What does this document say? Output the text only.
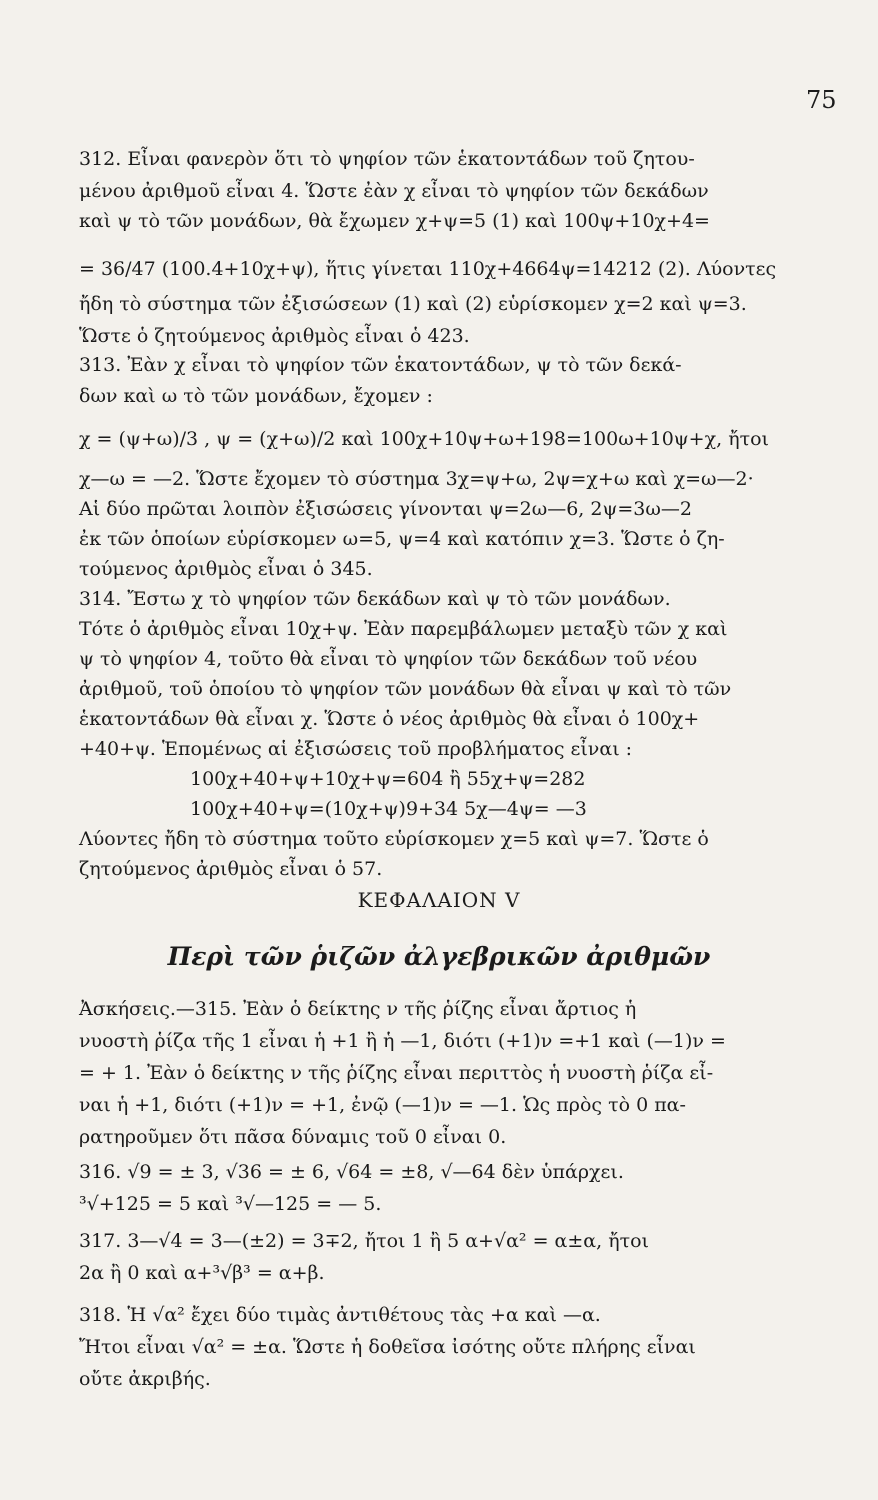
75
312. Εἶναι φανερὸν ὅτι τὸ ψηφίον τῶν ἑκατοντάδων τοῦ ζητου-
μένου ἀριθμοῦ εἶναι 4. Ὥστε ἐὰν χ εἶναι τὸ ψηφίον τῶν δεκάδων
καὶ ψ τὸ τῶν μονάδων, θὰ ἔχωμεν χ+ψ=5 (1) καὶ 100ψ+10χ+4=
= 36/47 (100.4+10χ+ψ), ἥτις γίνεται 110χ+4664ψ=14212 (2). Λύοντες
ἤδη τὸ σύστημα τῶν ἐξισώσεων (1) καὶ (2) εὑρίσκομεν χ=2 καὶ ψ=3.
Ὥστε ὁ ζητούμενος ἀριθμὸς εἶναι ὁ 423.
313. Ἐὰν χ εἶναι τὸ ψηφίον τῶν ἑκατοντάδων, ψ τὸ τῶν δεκά-
δων καὶ ω τὸ τῶν μονάδων, ἔχομεν :
χ = (ψ+ω)/3 , ψ = (χ+ω)/2 καὶ 100χ+10ψ+ω+198=100ω+10ψ+χ, ἤτοι
χ—ω = —2. Ὥστε ἔχομεν τὸ σύστημα 3χ=ψ+ω, 2ψ=χ+ω καὶ χ=ω—2·
Αἱ δύο πρῶται λοιπὸν ἐξισώσεις γίνονται ψ=2ω—6, 2ψ=3ω—2
ἐκ τῶν ὁποίων εὑρίσκομεν ω=5, ψ=4 καὶ κατόπιν χ=3. Ὥστε ὁ ζη-
τούμενος ἀριθμὸς εἶναι ὁ 345.
314. Ἔστω χ τὸ ψηφίον τῶν δεκάδων καὶ ψ τὸ τῶν μονάδων.
Τότε ὁ ἀριθμὸς εἶναι 10χ+ψ. Ἐὰν παρεμβάλωμεν μεταξὺ τῶν χ καὶ
ψ τὸ ψηφίον 4, τοῦτο θὰ εἶναι τὸ ψηφίον τῶν δεκάδων τοῦ νέου
ἀριθμοῦ, τοῦ ὁποίου τὸ ψηφίον τῶν μονάδων θὰ εἶναι ψ καὶ τὸ τῶν
ἑκατοντάδων θὰ εἶναι χ. Ὥστε ὁ νέος ἀριθμὸς θὰ εἶναι ὁ 100χ+
+40+ψ. Ἑπομένως αἱ ἐξισώσεις τοῦ προβλήματος εἶναι :
100χ+40+ψ+10χ+ψ=604 ἢ 55χ+ψ=282
100χ+40+ψ=(10χ+ψ)9+34 5χ—4ψ= —3
Λύοντες ἤδη τὸ σύστημα τοῦτο εὑρίσκομεν χ=5 καὶ ψ=7. Ὥστε ὁ
ζητούμενος ἀριθμὸς εἶναι ὁ 57.
ΚΕΦΑΛΑΙΟΝ V
Περὶ τῶν ῥιζῶν ἀλγεβρικῶν ἀριθμῶν
Ἀσκήσεις.—315. Ἐὰν ὁ δείκτης ν τῆς ῥίζης εἶναι ἄρτιος ἡ
νυοστὴ ῥίζα τῆς 1 εἶναι ἡ +1 ἢ ἡ —1, διότι (+1)ν =+1 καὶ (—1)ν =
= + 1. Ἐὰν ὁ δείκτης ν τῆς ῥίζης εἶναι περιττὸς ἡ νυοστὴ ῥίζα εἶ-
ναι ἡ +1, διότι (+1)ν = +1, ἐνῷ (—1)ν = —1. Ὡς πρὸς τὸ 0 πα-
ρατηροῦμεν ὅτι πᾶσα δύναμις τοῦ 0 εἶναι 0.
316. √9 = ± 3, √36 = ± 6, √64 = ±8, √—64 δὲν ὑπάρχει.
³√+125 = 5 καὶ ³√—125 = — 5.
317. 3—√4 = 3—(±2) = 3∓2, ἤτοι 1 ἢ 5 α+√α² = α±α, ἤτοι
2α ἢ 0 καὶ α+³√β³ = α+β.
318. Ἡ √α² ἔχει δύο τιμὰς ἀντιθέτους τὰς +α καὶ —α.
Ἤτοι εἶναι √α² = ±α. Ὥστε ἡ δοθεῖσα ἰσότης οὔτε πλήρης εἶναι
οὔτε ἀκριβής.
